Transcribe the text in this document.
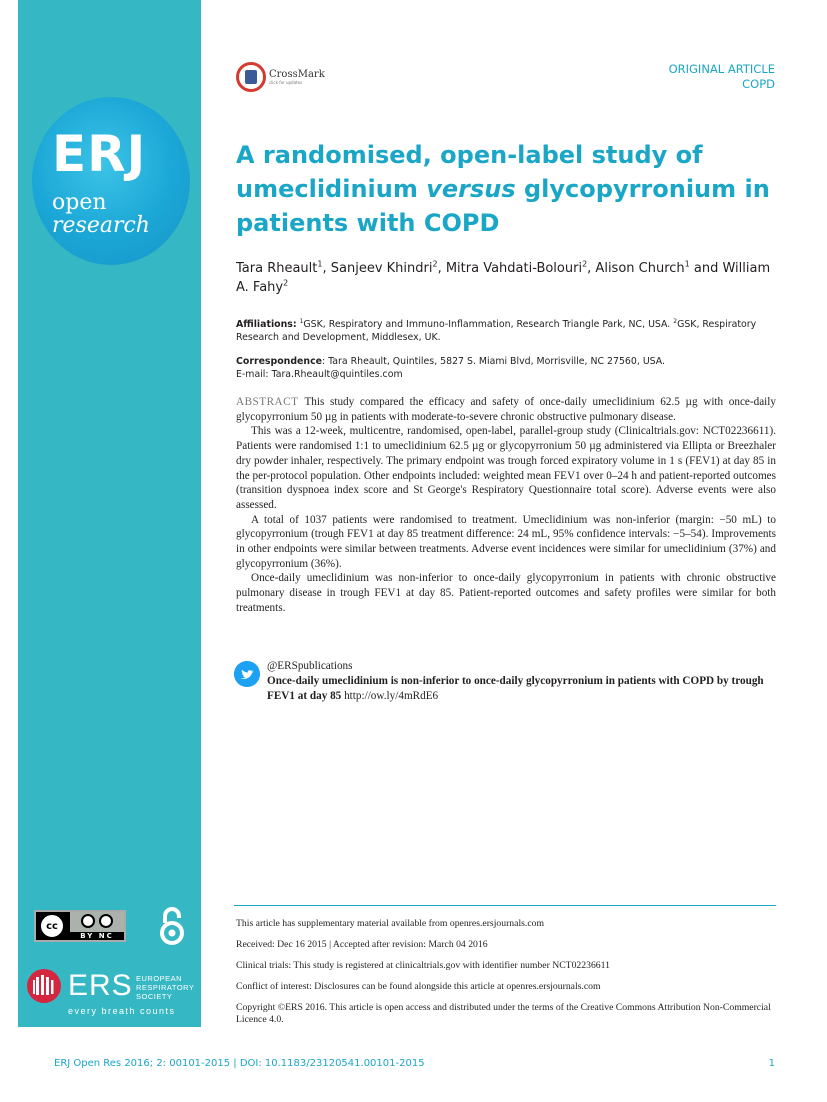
ERJ
open
research
cc
BY NC
ERS EUROPEAN
RESPIRATORY
SOCIETY
every breath counts
CrossMark
click for updates
ORIGINAL ARTICLE
COPD
A randomised, open-label study of umeclidinium versus glycopyrronium in patients with COPD
Tara Rheault$^1$, Sanjeev Khindri$^2$, Mitra Vahdati-Bolouri$^2$, Alison Church$^1$ and William A. Fahy$^2$
Affiliations: $^1$GSK, Respiratory and Immuno-Inflammation, Research Triangle Park, NC, USA. $^2$GSK, Respiratory Research and Development, Middlesex, UK.
Correspondence: Tara Rheault, Quintiles, 5827 S. Miami Blvd, Morrisville, NC 27560, USA.
E-mail: Tara.Rheault@quintiles.com

ABSTRACT This study compared the efficacy and safety of once-daily umeclidinium 62.5 µg with once-daily glycopyrronium 50 µg in patients with moderate-to-severe chronic obstructive pulmonary disease.

This was a 12-week, multicentre, randomised, open-label, parallel-group study (Clinicaltrials.gov: NCT02236611). Patients were randomised 1:1 to umeclidinium 62.5 µg or glycopyrronium 50 µg administered via Ellipta or Breezhaler dry powder inhaler, respectively. The primary endpoint was trough forced expiratory volume in 1 s (FEV1) at day 85 in the per-protocol population. Other endpoints included: weighted mean FEV1 over 0–24 h and patient-reported outcomes (transition dyspnoea index score and St George's Respiratory Questionnaire total score). Adverse events were also assessed.

A total of 1037 patients were randomised to treatment. Umeclidinium was non-inferior (margin: −50 mL) to glycopyrronium (trough FEV1 at day 85 treatment difference: 24 mL, 95% confidence intervals: −5–54). Improvements in other endpoints were similar between treatments. Adverse event incidences were similar for umeclidinium (37%) and glycopyrronium (36%).

Once-daily umeclidinium was non-inferior to once-daily glycopyrronium in patients with chronic obstructive pulmonary disease in trough FEV1 at day 85. Patient-reported outcomes and safety profiles were similar for both treatments.

@ERSpublications
Once-daily umeclidinium is non-inferior to once-daily glycopyrronium in patients with COPD by trough FEV1 at day 85 http://ow.ly/4mRdE6

This article has supplementary material available from openres.ersjournals.com

Received: Dec 16 2015 | Accepted after revision: March 04 2016

Clinical trials: This study is registered at clinicaltrials.gov with identifier number NCT02236611

Conflict of interest: Disclosures can be found alongside this article at openres.ersjournals.com

Copyright ©ERS 2016. This article is open access and distributed under the terms of the Creative Commons Attribution Non-Commercial Licence 4.0.

ERJ Open Res 2016; 2: 00101-2015 | DOI: 10.1183/23120541.00101-2015	1
